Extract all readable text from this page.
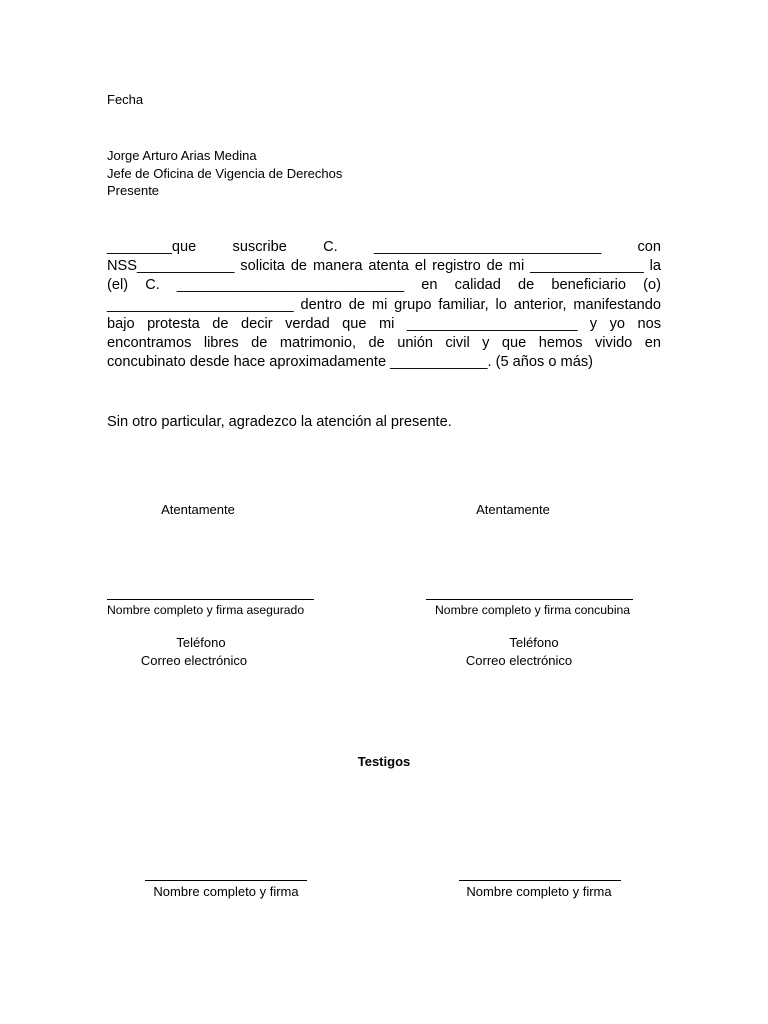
Fecha
Jorge Arturo Arias Medina
Jefe de Oficina de Vigencia de Derechos
Presente
________que suscribe C. ____________________________ con
NSS____________ solicita de manera atenta el registro de mi ______________ la
(el) C. ____________________________ en calidad de beneficiario (o)
_______________________ dentro de mi grupo familiar, lo anterior, manifestando
bajo protesta de decir verdad que mi _____________________ y yo nos
encontramos libres de matrimonio, de unión civil y que hemos vivido en
concubinato desde hace aproximadamente ____________. (5 años o más)
Sin otro particular, agradezco la atención al presente.
Atentamente
Nombre completo y firma asegurado
Teléfono
Correo electrónico
Atentamente
Nombre completo y firma concubina
Teléfono
Correo electrónico
Testigos
Nombre completo y firma	Nombre completo y firma
